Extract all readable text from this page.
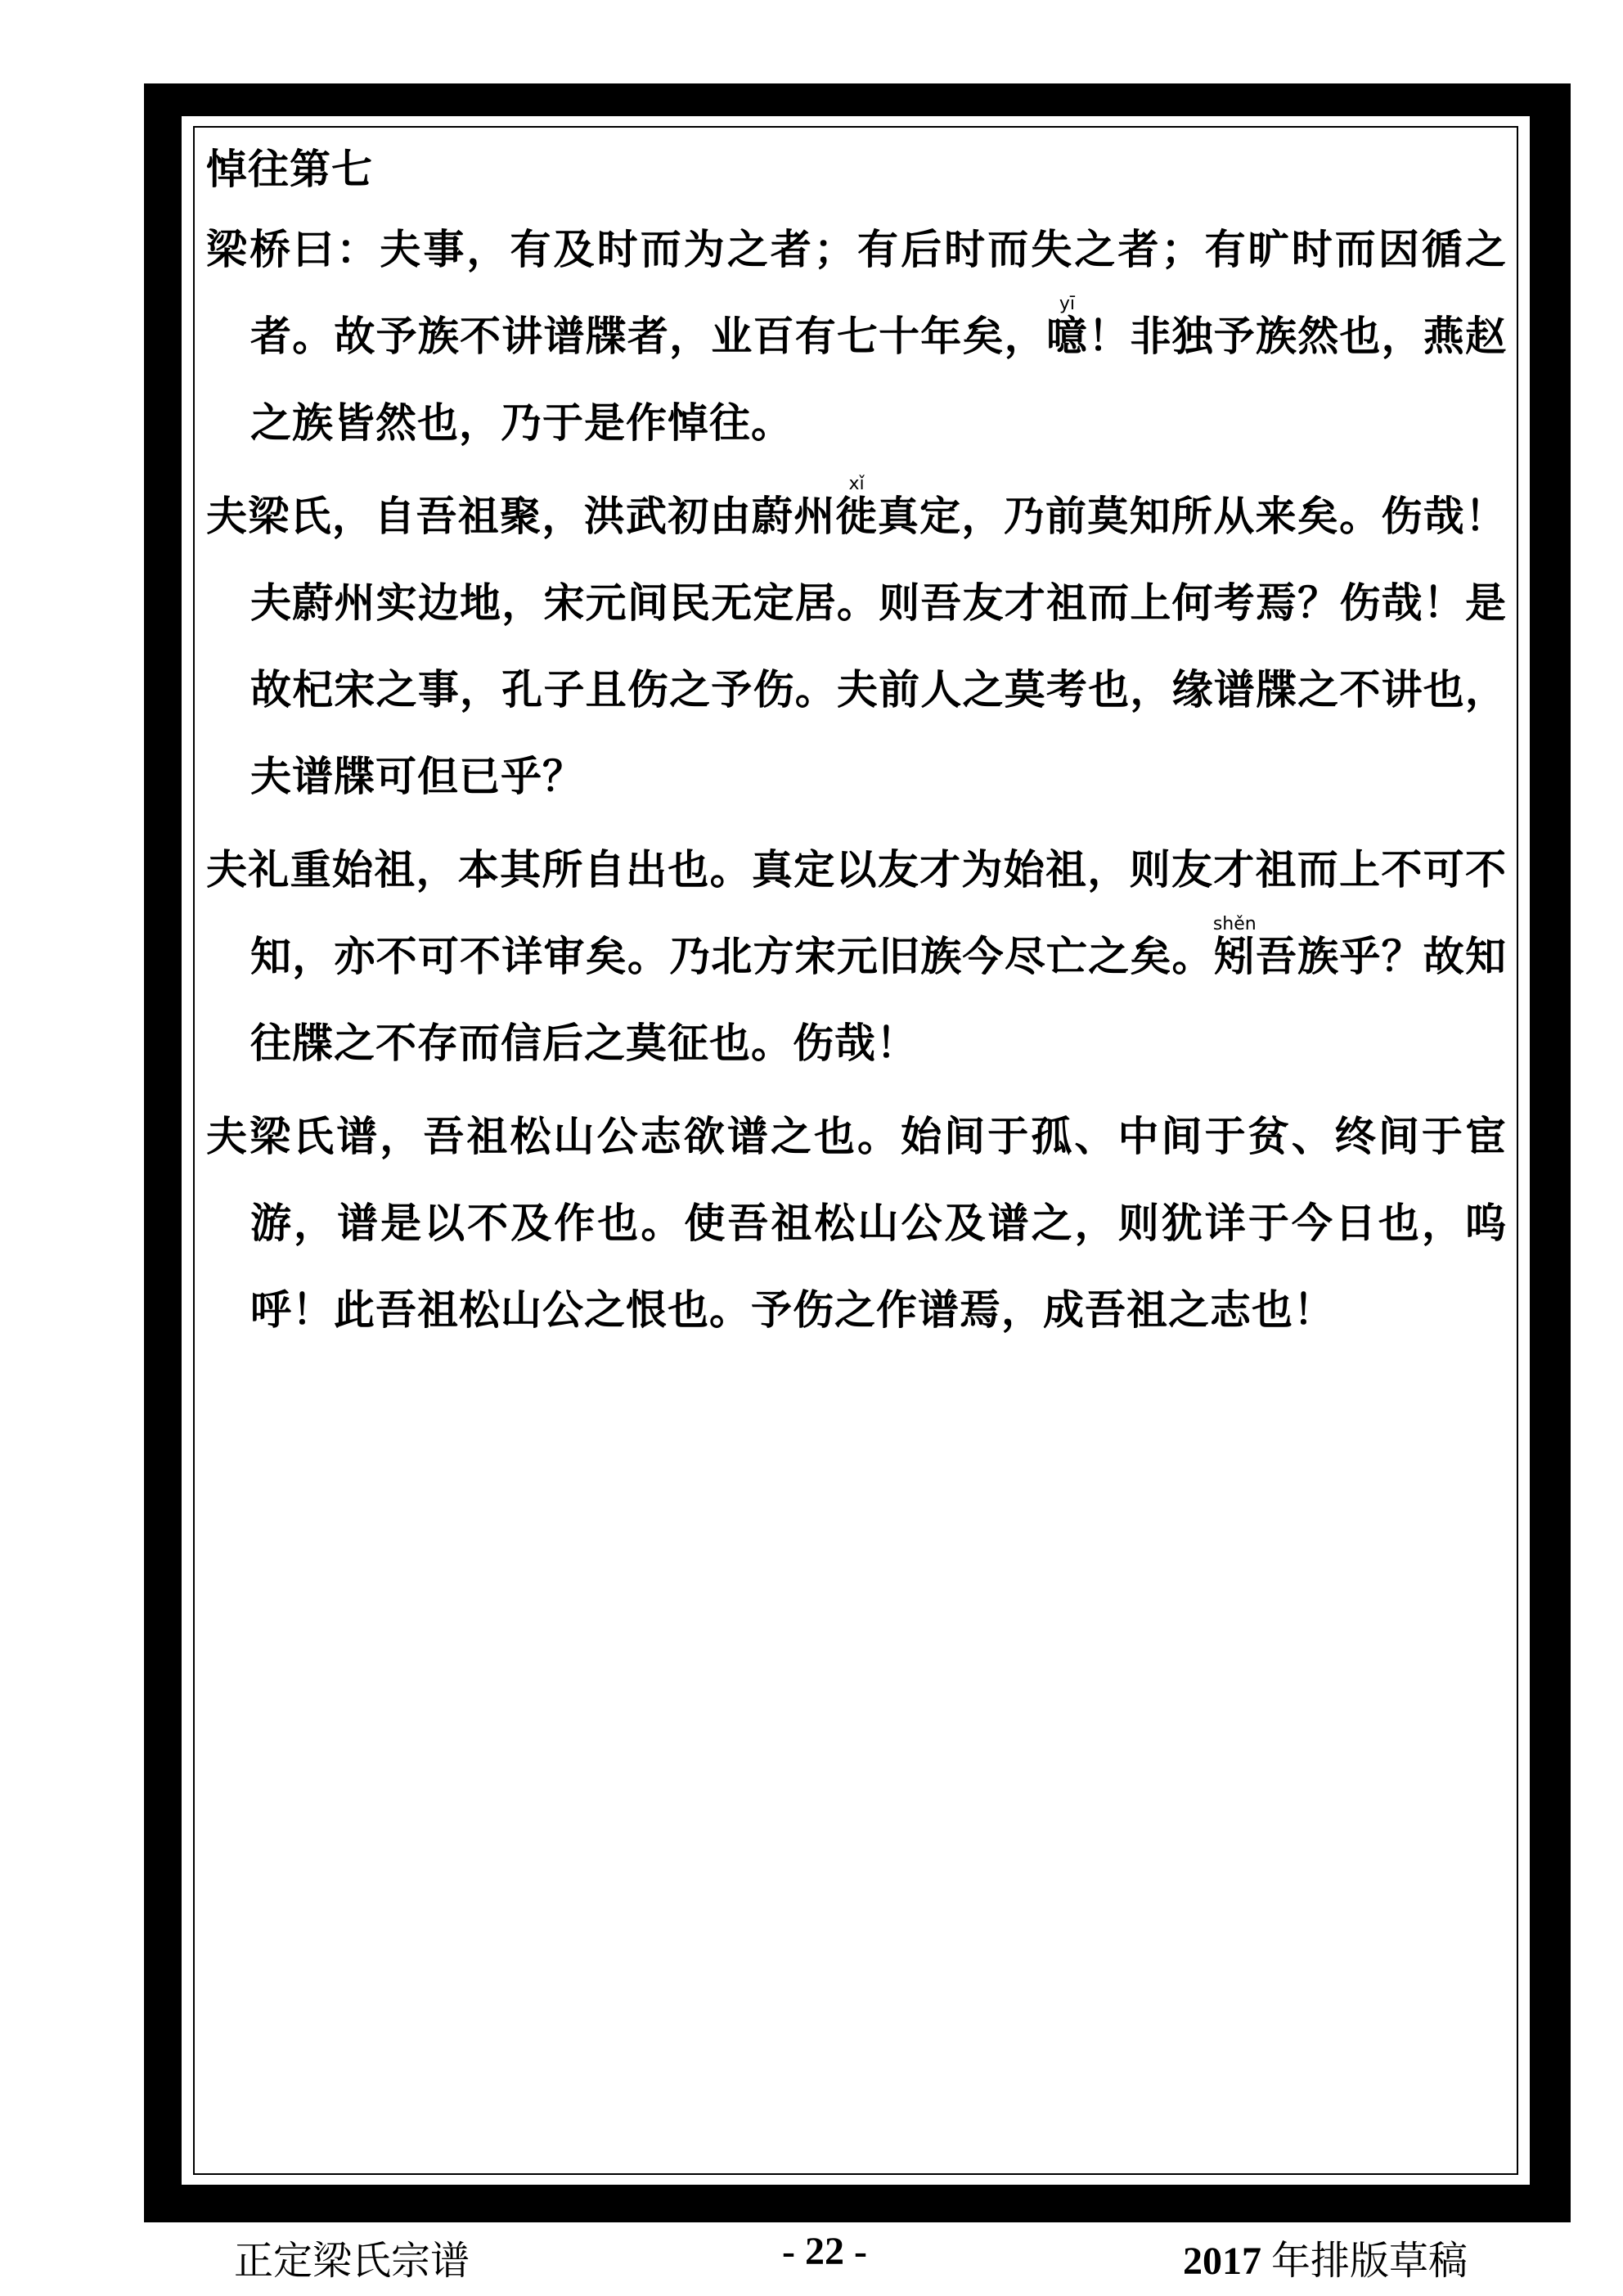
悼往第七
梁桥曰：夫事，有及时而为之者；有后时而失之者；有旷时而因循之者。故予族不讲谱牒者，业百有七十年矣，噫yī！非独予族然也，燕赵之族皆然也，乃于是作悼往。
夫梁氏，自吾祖聚，洪武初由蔚州徙xǐ真定，乃前莫知所从来矣。伤哉！夫蔚州实边地，宋元间民无定居。则吾友才祖而上何考焉？伤哉！是故杞宋之事，孔子且伤之予伤。夫前人之莫考也，缘谱牒之不讲也，夫谱牒可但已乎？
夫礼重始祖，本其所自出也。真定以友才为始祖，则友才祖而上不可不知，亦不可不详审矣。乃北方宋元旧族今尽亡之矣。矧shěn吾族乎？故知往牒之不存而信后之莫征也。伤哉！
夫梁氏谱，吾祖松山公志欲谱之也。始间于孤、中间于贫、终间于宦游，谱是以不及作也。使吾祖松山公及谱之，则犹详于今日也，呜呼！此吾祖松山公之恨也。予伤之作谱焉，成吾祖之志也！
正定梁氏宗谱	- 22 -	2017 年排版草稿
